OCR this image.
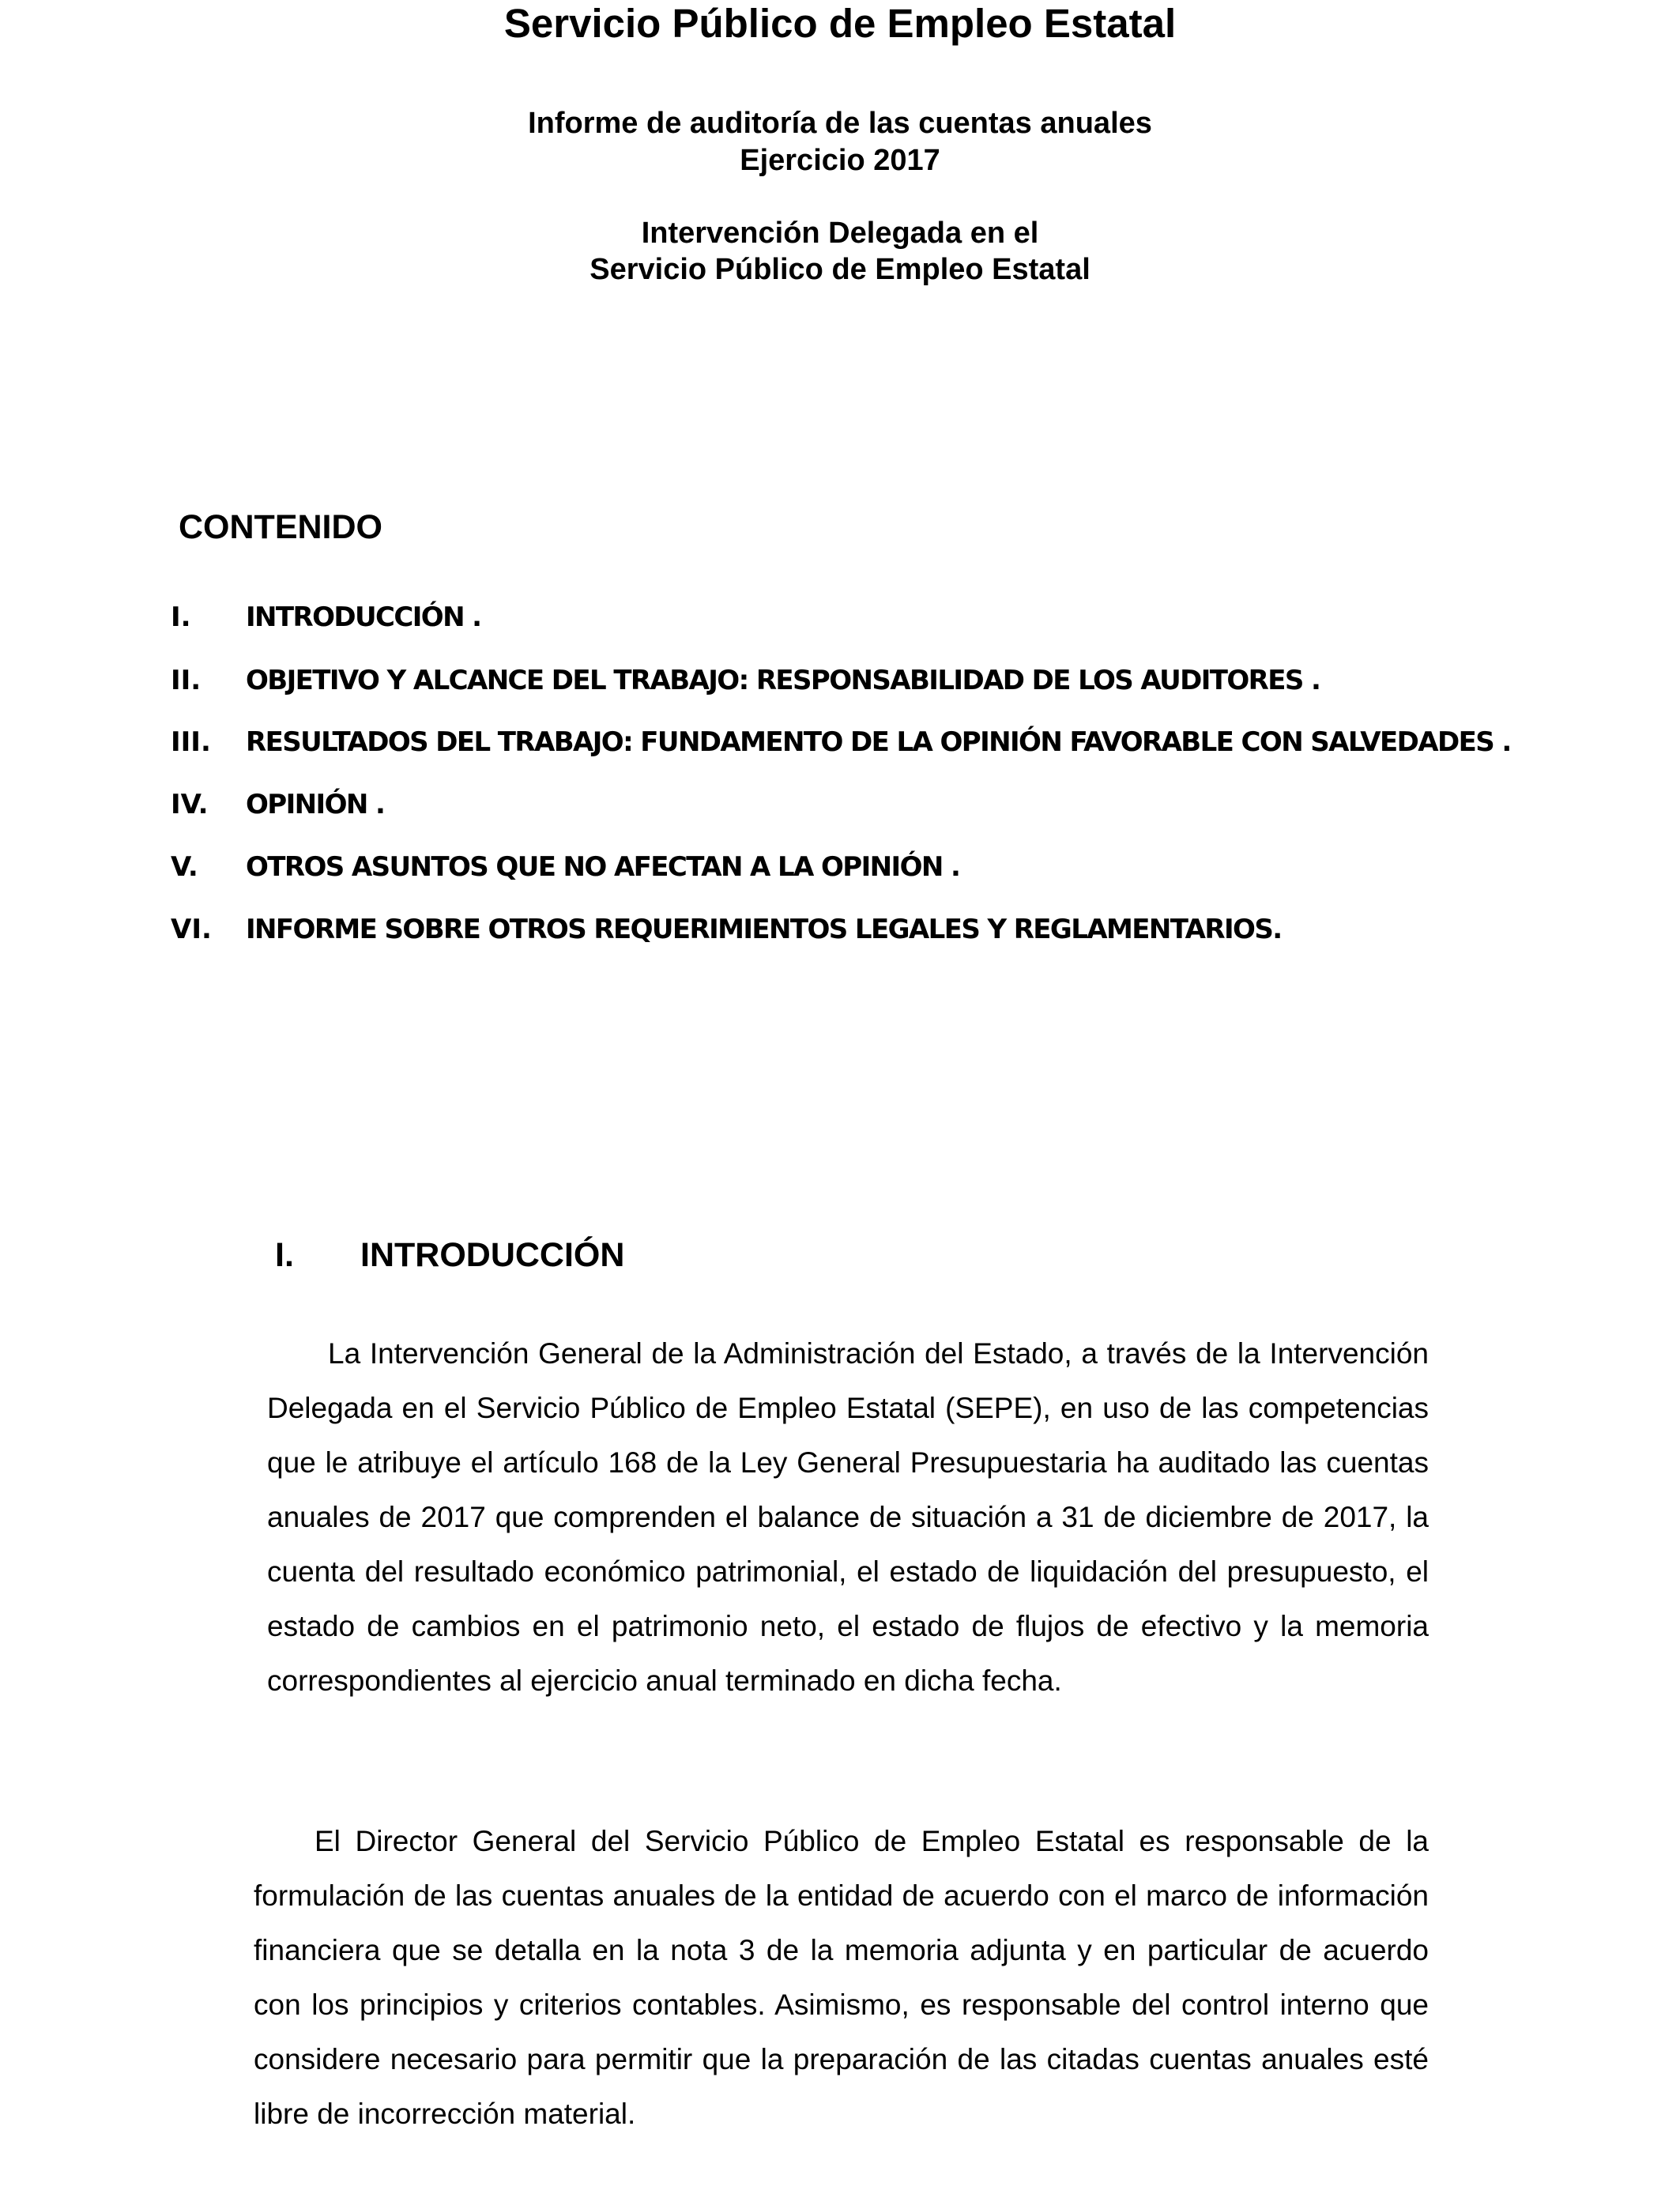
Servicio Público de Empleo Estatal
Informe de auditoría de las cuentas anuales
Ejercicio 2017
Intervención Delegada en el
Servicio Público de Empleo Estatal
CONTENIDO
I. INTRODUCCIÓN .
II. OBJETIVO Y ALCANCE DEL TRABAJO: RESPONSABILIDAD DE LOS AUDITORES .
III. RESULTADOS DEL TRABAJO: FUNDAMENTO DE LA OPINIÓN FAVORABLE CON SALVEDADES .
IV. OPINIÓN .
V. OTROS ASUNTOS QUE NO AFECTAN A LA OPINIÓN .
VI. INFORME SOBRE OTROS REQUERIMIENTOS LEGALES Y REGLAMENTARIOS.
I. INTRODUCCIÓN

La Intervención General de la Administración del Estado, a través de la Intervención Delegada en el Servicio Público de Empleo Estatal (SEPE), en uso de las competencias que le atribuye el artículo 168 de la Ley General Presupuestaria ha auditado las cuentas anuales de 2017 que comprenden el balance de situación a 31 de diciembre de 2017, la cuenta del resultado económico patrimonial, el estado de liquidación del presupuesto, el estado de cambios en el patrimonio neto, el estado de flujos de efectivo y la memoria correspondientes al ejercicio anual terminado en dicha fecha.

El Director General del Servicio Público de Empleo Estatal es responsable de la formulación de las cuentas anuales de la entidad de acuerdo con el marco de información financiera que se detalla en la nota 3 de la memoria adjunta y en particular de acuerdo con los principios y criterios contables. Asimismo, es responsable del control interno que considere necesario para permitir que la preparación de las citadas cuentas anuales esté libre de incorrección material.
